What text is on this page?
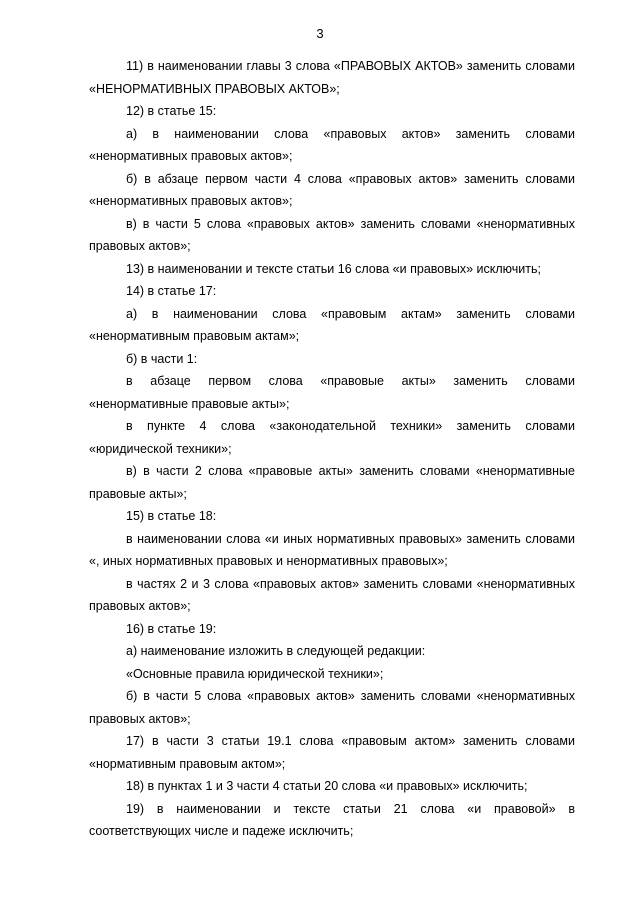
3

11) в наименовании главы 3 слова «ПРАВОВЫХ АКТОВ» заменить словами «НЕНОРМАТИВНЫХ ПРАВОВЫХ АКТОВ»;

12) в статье 15:

а) в наименовании слова «правовых актов» заменить словами «ненормативных правовых актов»;

б) в абзаце первом части 4 слова «правовых актов» заменить словами «ненормативных правовых актов»;

в) в части 5 слова «правовых актов» заменить словами «ненормативных правовых актов»;

13) в наименовании и тексте статьи 16 слова «и правовых» исключить;

14) в статье 17:

а) в наименовании слова «правовым актам» заменить словами «ненормативным правовым актам»;

б) в части 1:

в абзаце первом слова «правовые акты» заменить словами «ненормативные правовые акты»;

в пункте 4 слова «законодательной техники» заменить словами «юридической техники»;

в) в части 2 слова «правовые акты» заменить словами «ненормативные правовые акты»;

15) в статье 18:

в наименовании слова «и иных нормативных правовых» заменить словами «, иных нормативных правовых и ненормативных правовых»;

в частях 2 и 3 слова «правовых актов» заменить словами «ненормативных правовых актов»;

16) в статье 19:

а) наименование изложить в следующей редакции:

«Основные правила юридической техники»;

б) в части 5 слова «правовых актов» заменить словами «ненормативных правовых актов»;

17) в части 3 статьи 19.1 слова «правовым актом» заменить словами «нормативным правовым актом»;

18) в пунктах 1 и 3 части 4 статьи 20 слова «и правовых» исключить;

19) в наименовании и тексте статьи 21 слова «и правовой» в соответствующих числе и падеже исключить;
